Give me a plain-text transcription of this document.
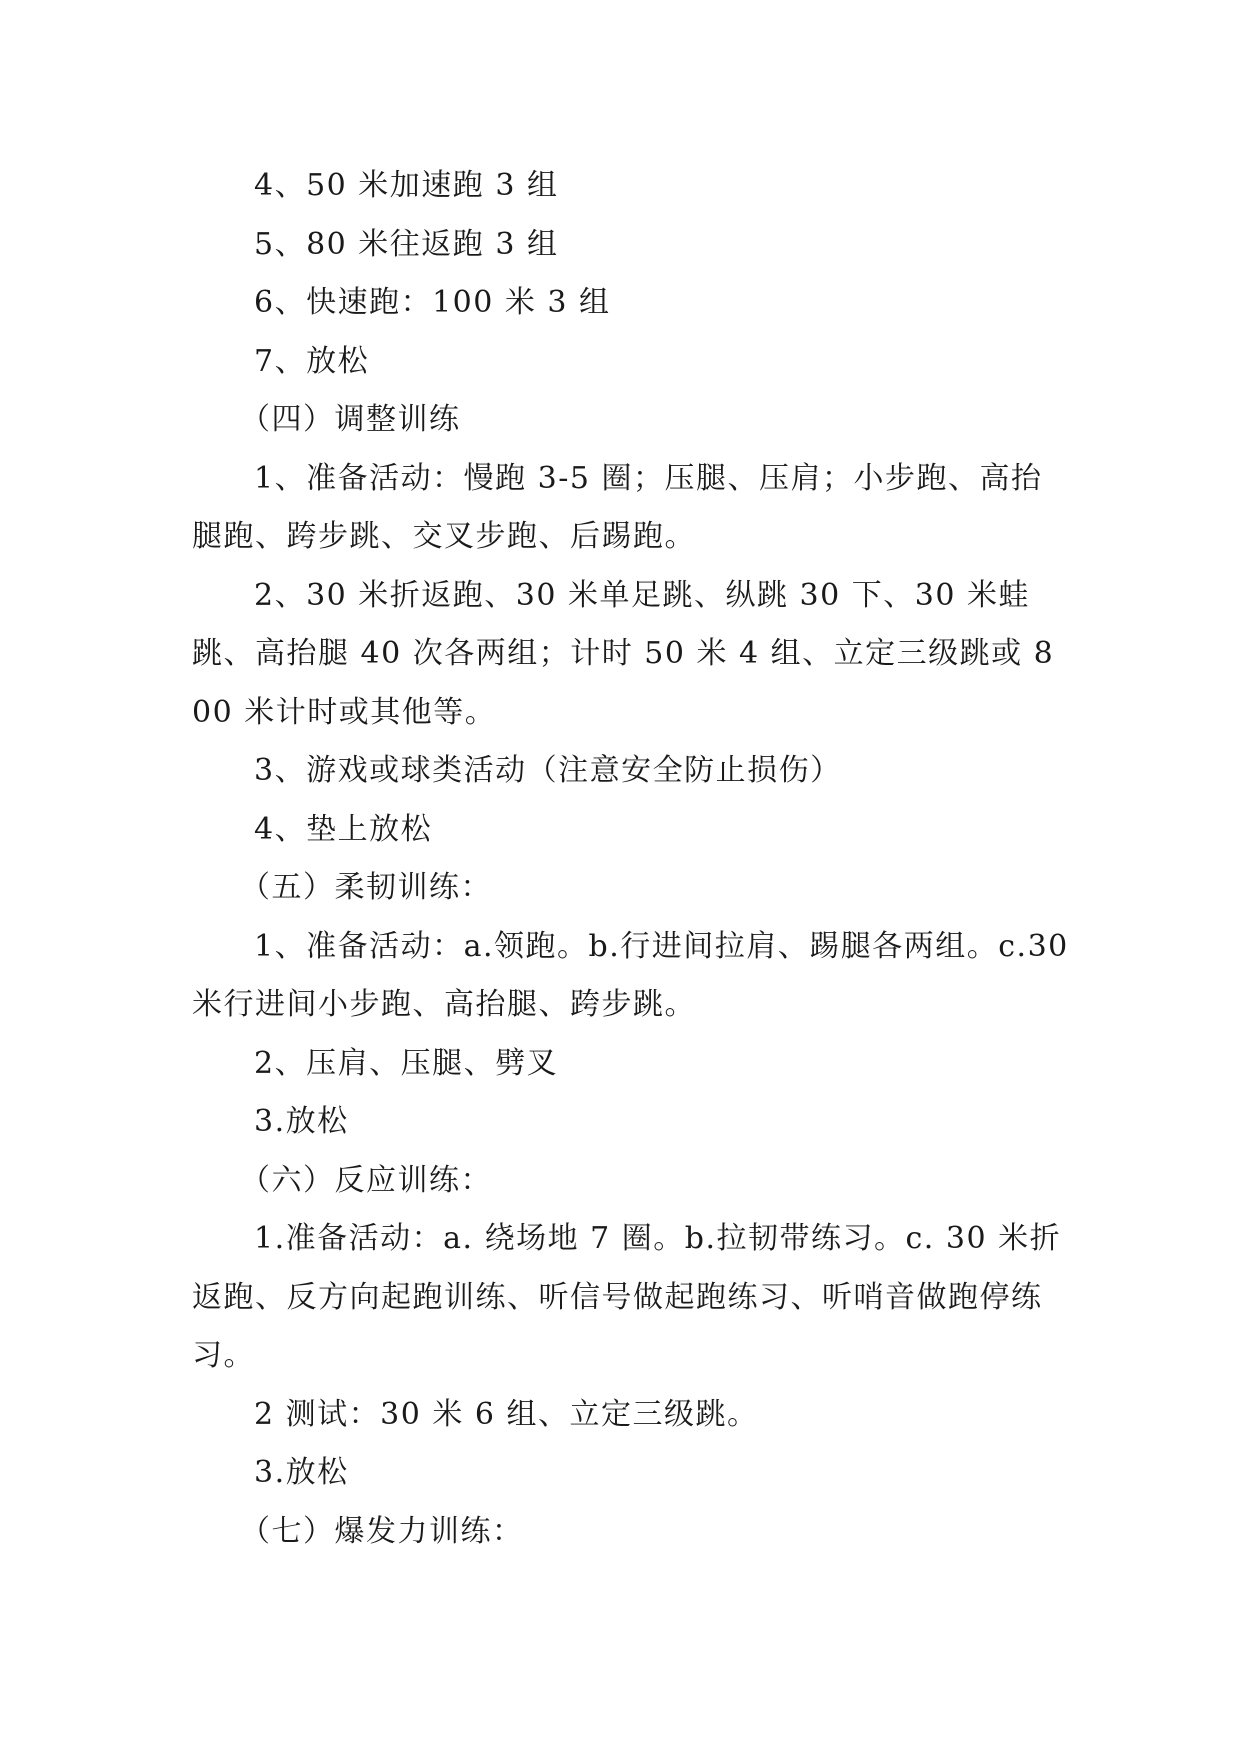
4、50 米加速跑 3 组

5、80 米往返跑 3 组

6、快速跑：100 米 3 组

7、放松

（四）调整训练

1、准备活动：慢跑 3-5 圈；压腿、压肩；小步跑、高抬腿跑、跨步跳、交叉步跑、后踢跑。

2、30 米折返跑、30 米单足跳、纵跳 30 下、30 米蛙跳、高抬腿 40 次各两组；计时 50 米 4 组、立定三级跳或 800 米计时或其他等。

3、游戏或球类活动（注意安全防止损伤）

4、垫上放松

（五）柔韧训练：

1、准备活动：a.领跑。b.行进间拉肩、踢腿各两组。c.30 米行进间小步跑、高抬腿、跨步跳。

2、压肩、压腿、劈叉

3.放松

（六）反应训练：

1.准备活动：a. 绕场地 7 圈。b.拉韧带练习。c. 30 米折返跑、反方向起跑训练、听信号做起跑练习、听哨音做跑停练习。

2 测试：30 米 6 组、立定三级跳。

3.放松

（七）爆发力训练：
